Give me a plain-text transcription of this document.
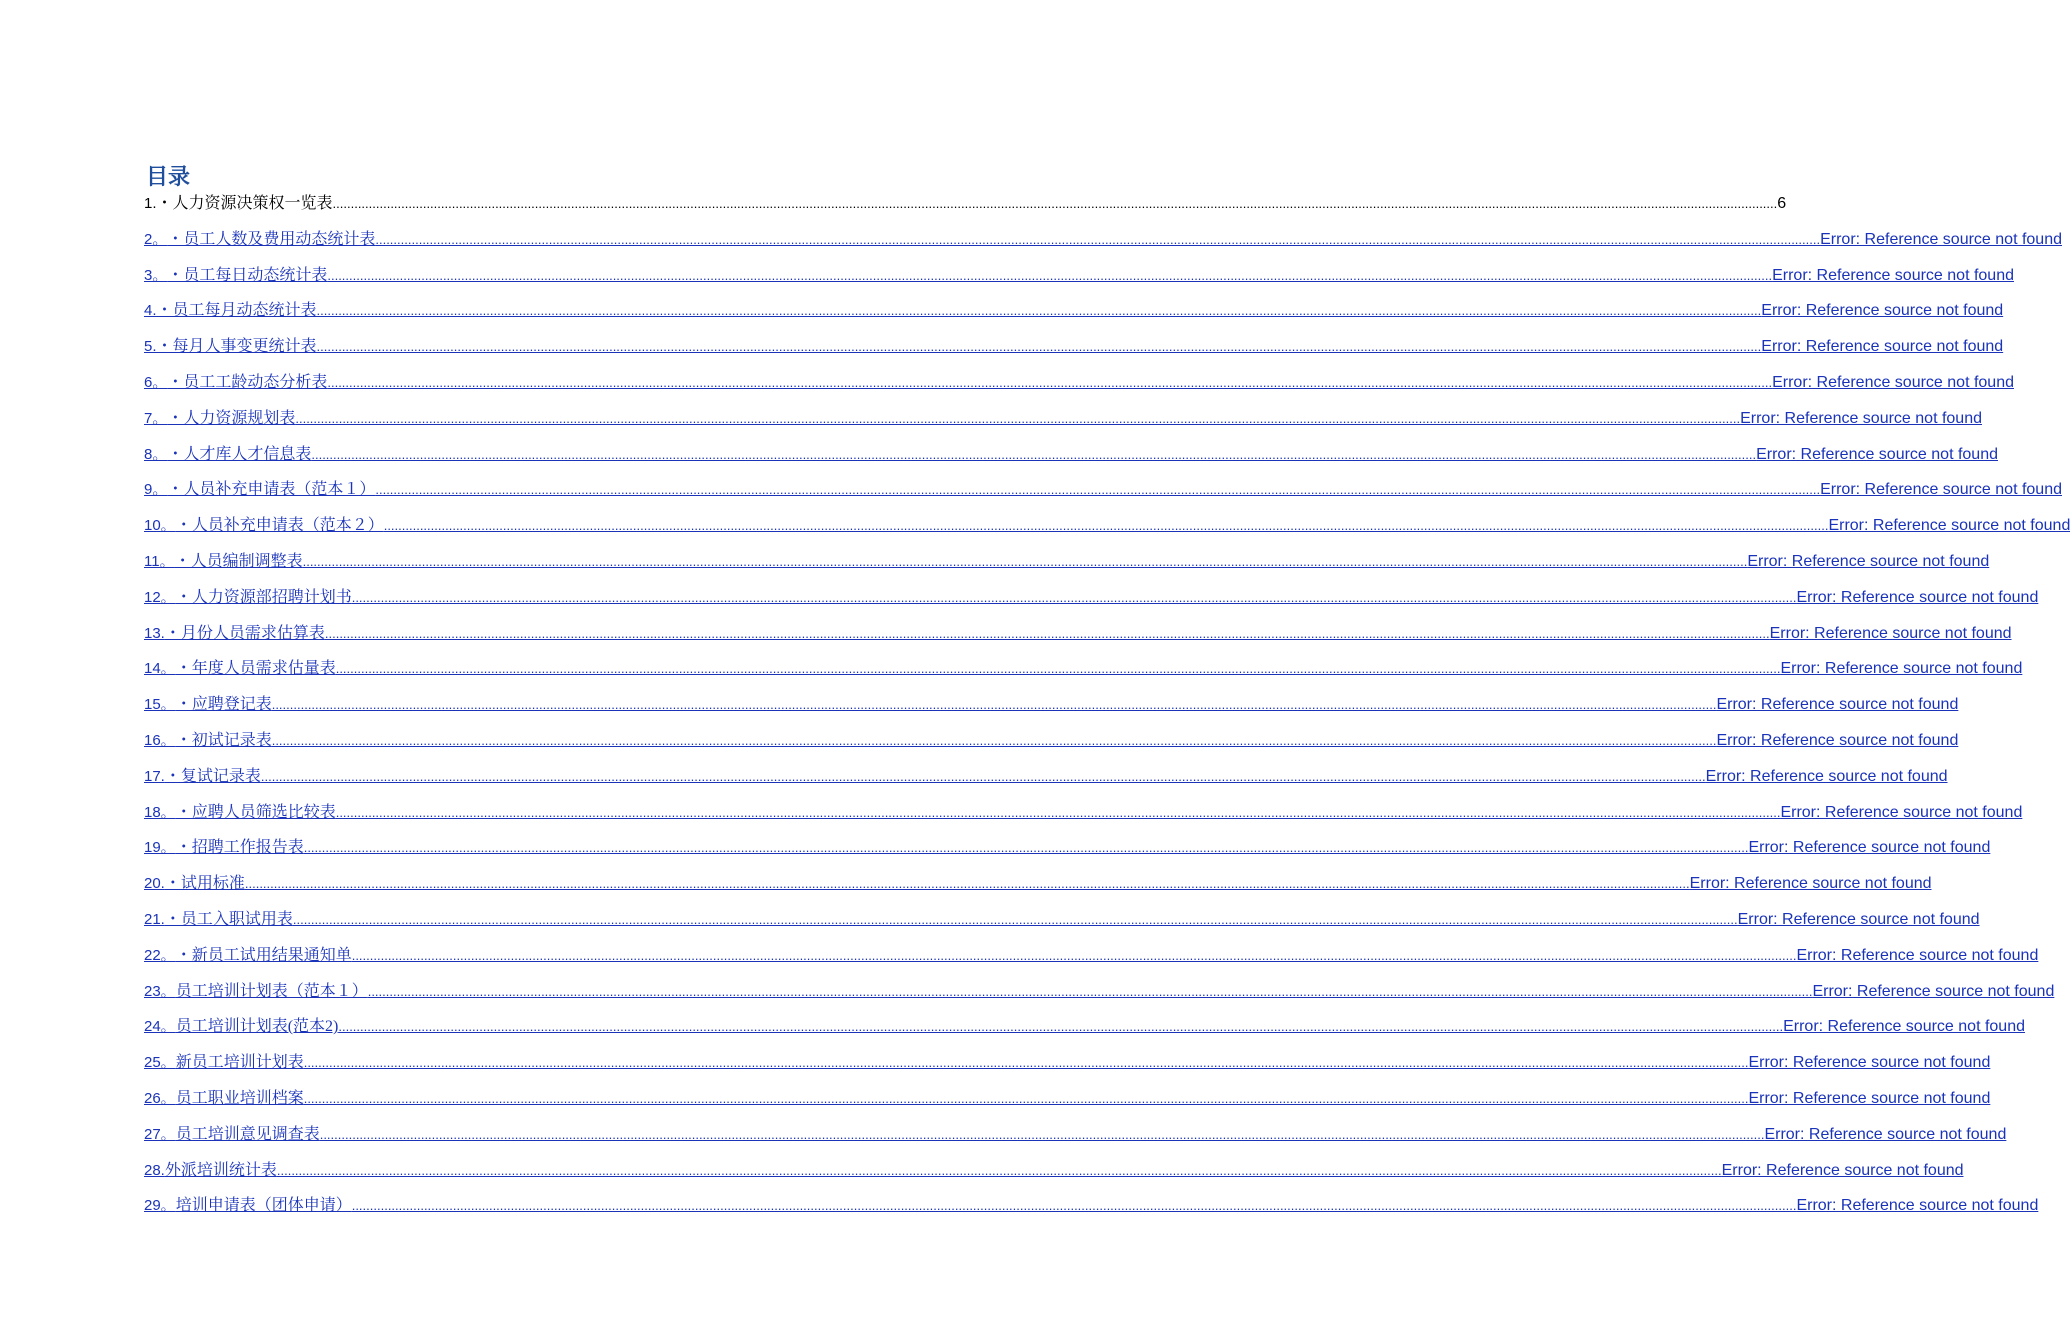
目录
1. ・人力资源决策权一览表 ................................................................................................................................................................................................................................................................................................................................................................................................................ 6
2。 ・员工人数及费用动态统计表 ................................................................................................................................................................................................................................................................................................................................................................................................................ Error: Reference source not found
3。 ・员工每日动态统计表 ................................................................................................................................................................................................................................................................................................................................................................................................................ Error: Reference source not found
4. ・员工每月动态统计表 ................................................................................................................................................................................................................................................................................................................................................................................................................ Error: Reference source not found
5. ・每月人事变更统计表 ................................................................................................................................................................................................................................................................................................................................................................................................................ Error: Reference source not found
6。 ・员工工龄动态分析表 ................................................................................................................................................................................................................................................................................................................................................................................................................ Error: Reference source not found
7。 ・人力资源规划表 ................................................................................................................................................................................................................................................................................................................................................................................................................ Error: Reference source not found
8。 ・人才库人才信息表 ................................................................................................................................................................................................................................................................................................................................................................................................................ Error: Reference source not found
9。 ・人员补充申请表（范本１） ................................................................................................................................................................................................................................................................................................................................................................................................................ Error: Reference source not found
10。 ・人员补充申请表（范本２） ................................................................................................................................................................................................................................................................................................................................................................................................................ Error: Reference source not found
11。 ・人员编制调整表 ................................................................................................................................................................................................................................................................................................................................................................................................................ Error: Reference source not found
12。 ・人力资源部招聘计划书 ................................................................................................................................................................................................................................................................................................................................................................................................................ Error: Reference source not found
13. ・月份人员需求估算表 ................................................................................................................................................................................................................................................................................................................................................................................................................ Error: Reference source not found
14。 ・年度人员需求估量表 ................................................................................................................................................................................................................................................................................................................................................................................................................ Error: Reference source not found
15。 ・应聘登记表 ................................................................................................................................................................................................................................................................................................................................................................................................................ Error: Reference source not found
16。 ・初试记录表 ................................................................................................................................................................................................................................................................................................................................................................................................................ Error: Reference source not found
17. ・复试记录表 ................................................................................................................................................................................................................................................................................................................................................................................................................ Error: Reference source not found
18。 ・应聘人员筛选比较表 ................................................................................................................................................................................................................................................................................................................................................................................................................ Error: Reference source not found
19。 ・招聘工作报告表 ................................................................................................................................................................................................................................................................................................................................................................................................................ Error: Reference source not found
20. ・试用标准 ................................................................................................................................................................................................................................................................................................................................................................................................................ Error: Reference source not found
21. ・员工入职试用表 ................................................................................................................................................................................................................................................................................................................................................................................................................ Error: Reference source not found
22。 ・新员工试用结果通知单 ................................................................................................................................................................................................................................................................................................................................................................................................................ Error: Reference source not found
23。 员工培训计划表（范本１） ................................................................................................................................................................................................................................................................................................................................................................................................................ Error: Reference source not found
24。 员工培训计划表(范本2) ................................................................................................................................................................................................................................................................................................................................................................................................................ Error: Reference source not found
25。 新员工培训计划表 ................................................................................................................................................................................................................................................................................................................................................................................................................ Error: Reference source not found
26。 员工职业培训档案 ................................................................................................................................................................................................................................................................................................................................................................................................................ Error: Reference source not found
27。 员工培训意见调查表 ................................................................................................................................................................................................................................................................................................................................................................................................................ Error: Reference source not found
28. 外派培训统计表 ................................................................................................................................................................................................................................................................................................................................................................................................................ Error: Reference source not found
29。 培训申请表（团体申请） ................................................................................................................................................................................................................................................................................................................................................................................................................ Error: Reference source not found
